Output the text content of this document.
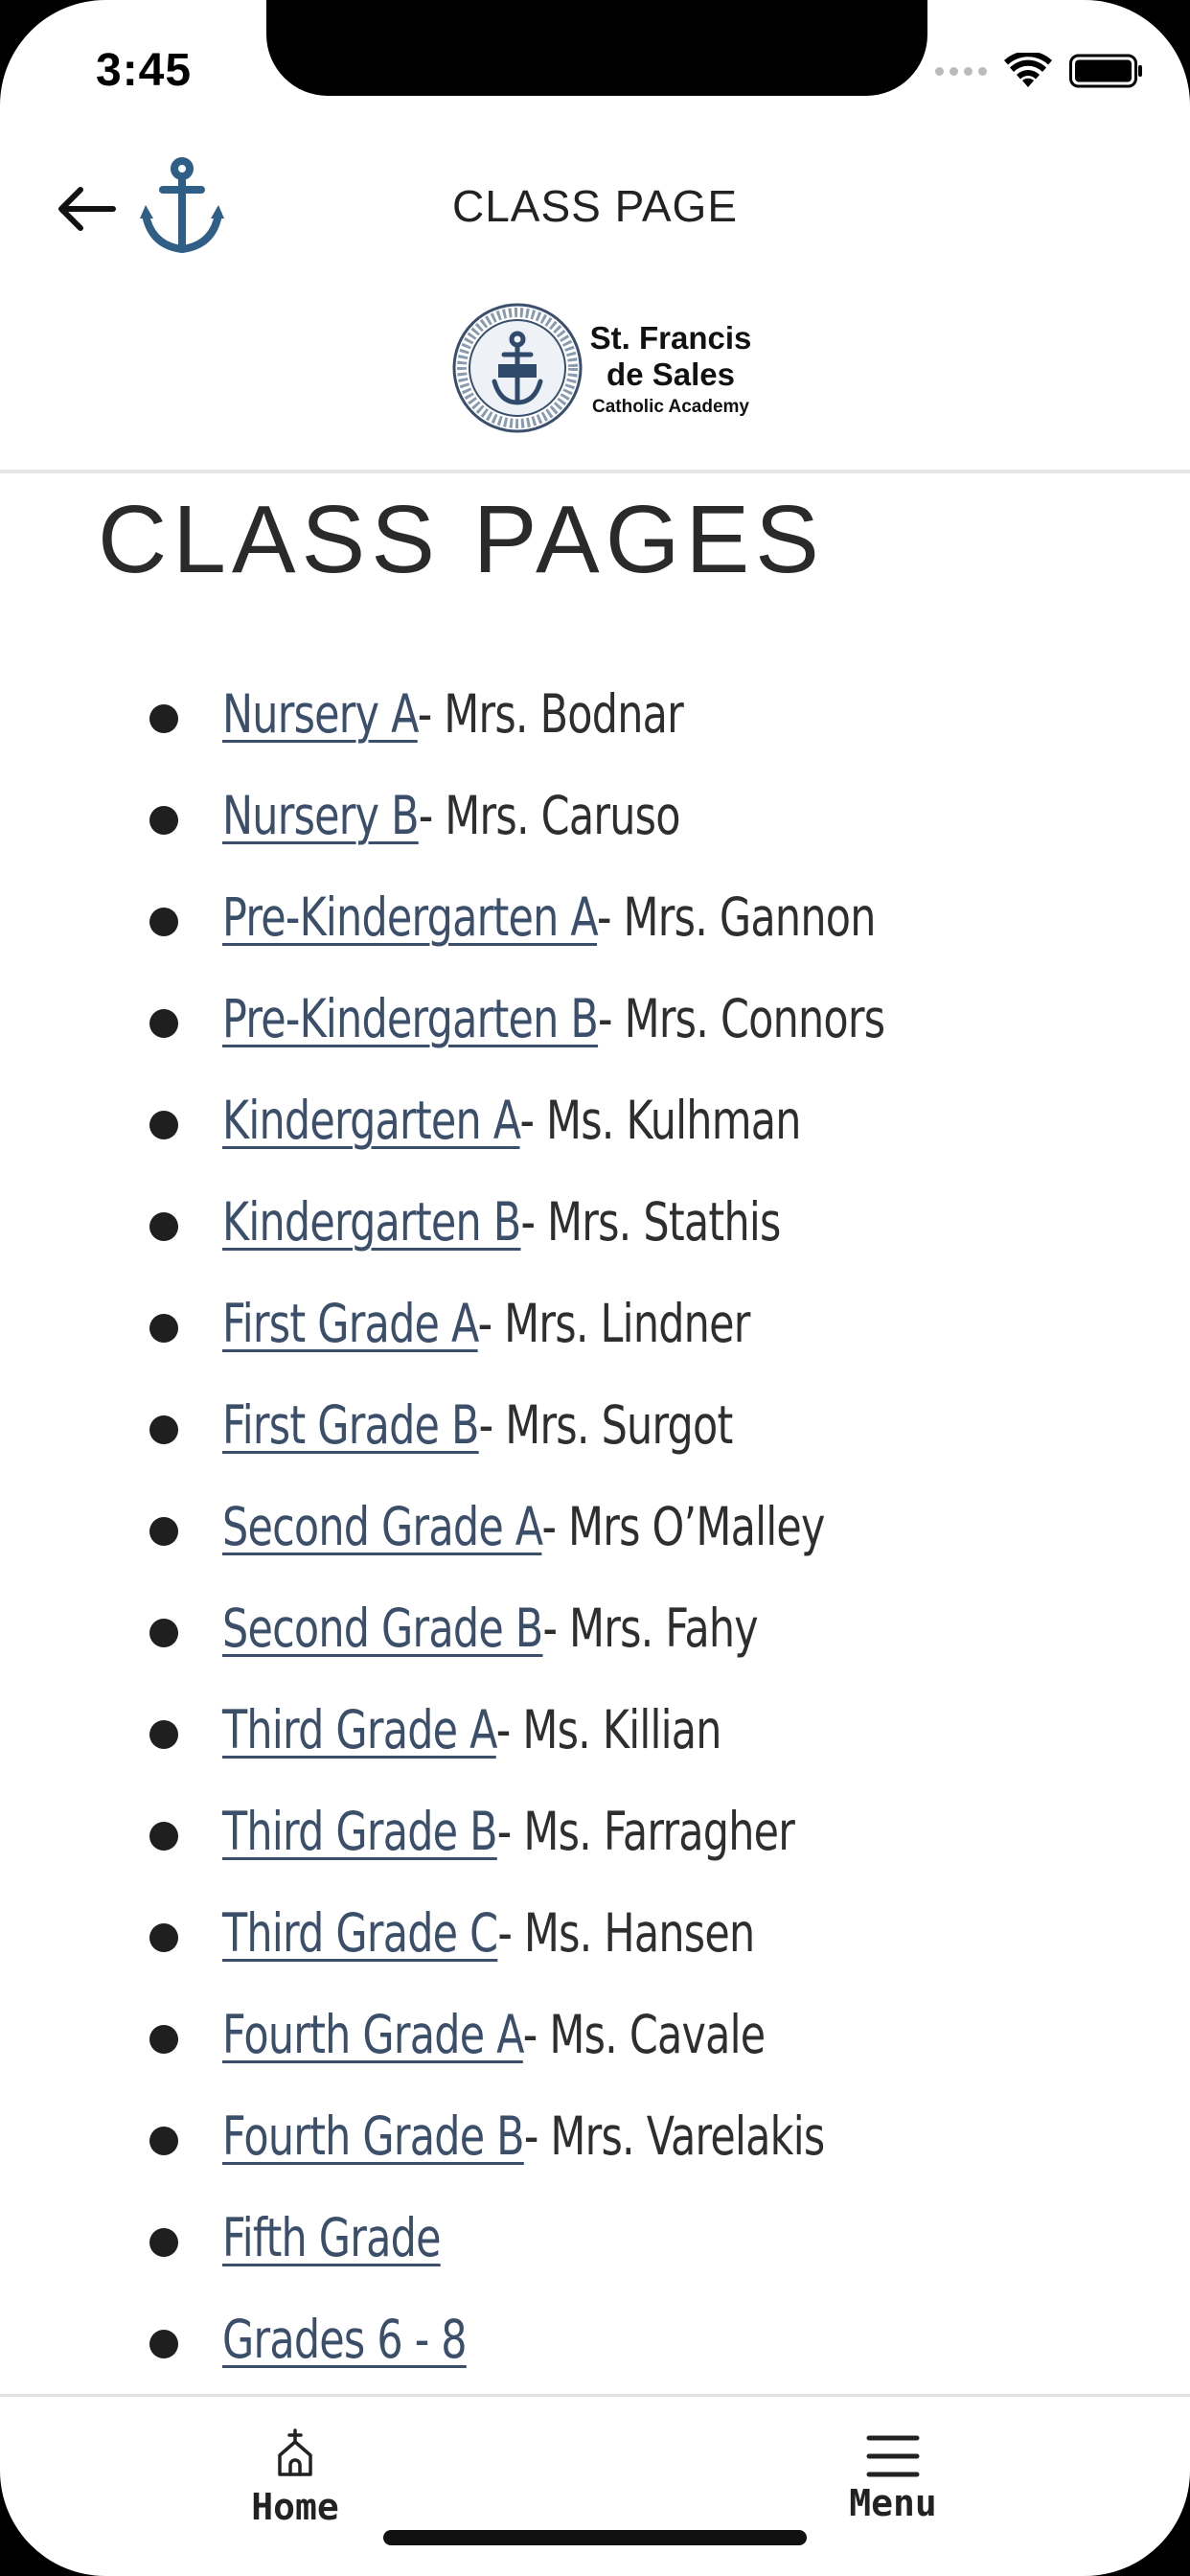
3:45
CLASS PAGE
St. Francis
de Sales
Catholic Academy
CLASS PAGES
Nursery A- Mrs. Bodnar
Nursery B- Mrs. Caruso
Pre-Kindergarten A- Mrs. Gannon
Pre-Kindergarten B- Mrs. Connors
Kindergarten A- Ms. Kulhman
Kindergarten B- Mrs. Stathis
First Grade A- Mrs. Lindner
First Grade B- Mrs. Surgot
Second Grade A- Mrs O’Malley
Second Grade B- Mrs. Fahy
Third Grade A- Ms. Killian
Third Grade B- Ms. Farragher
Third Grade C- Ms. Hansen
Fourth Grade A- Ms. Cavale
Fourth Grade B- Mrs. Varelakis
Fifth Grade
Grades 6 - 8
Home	Menu
